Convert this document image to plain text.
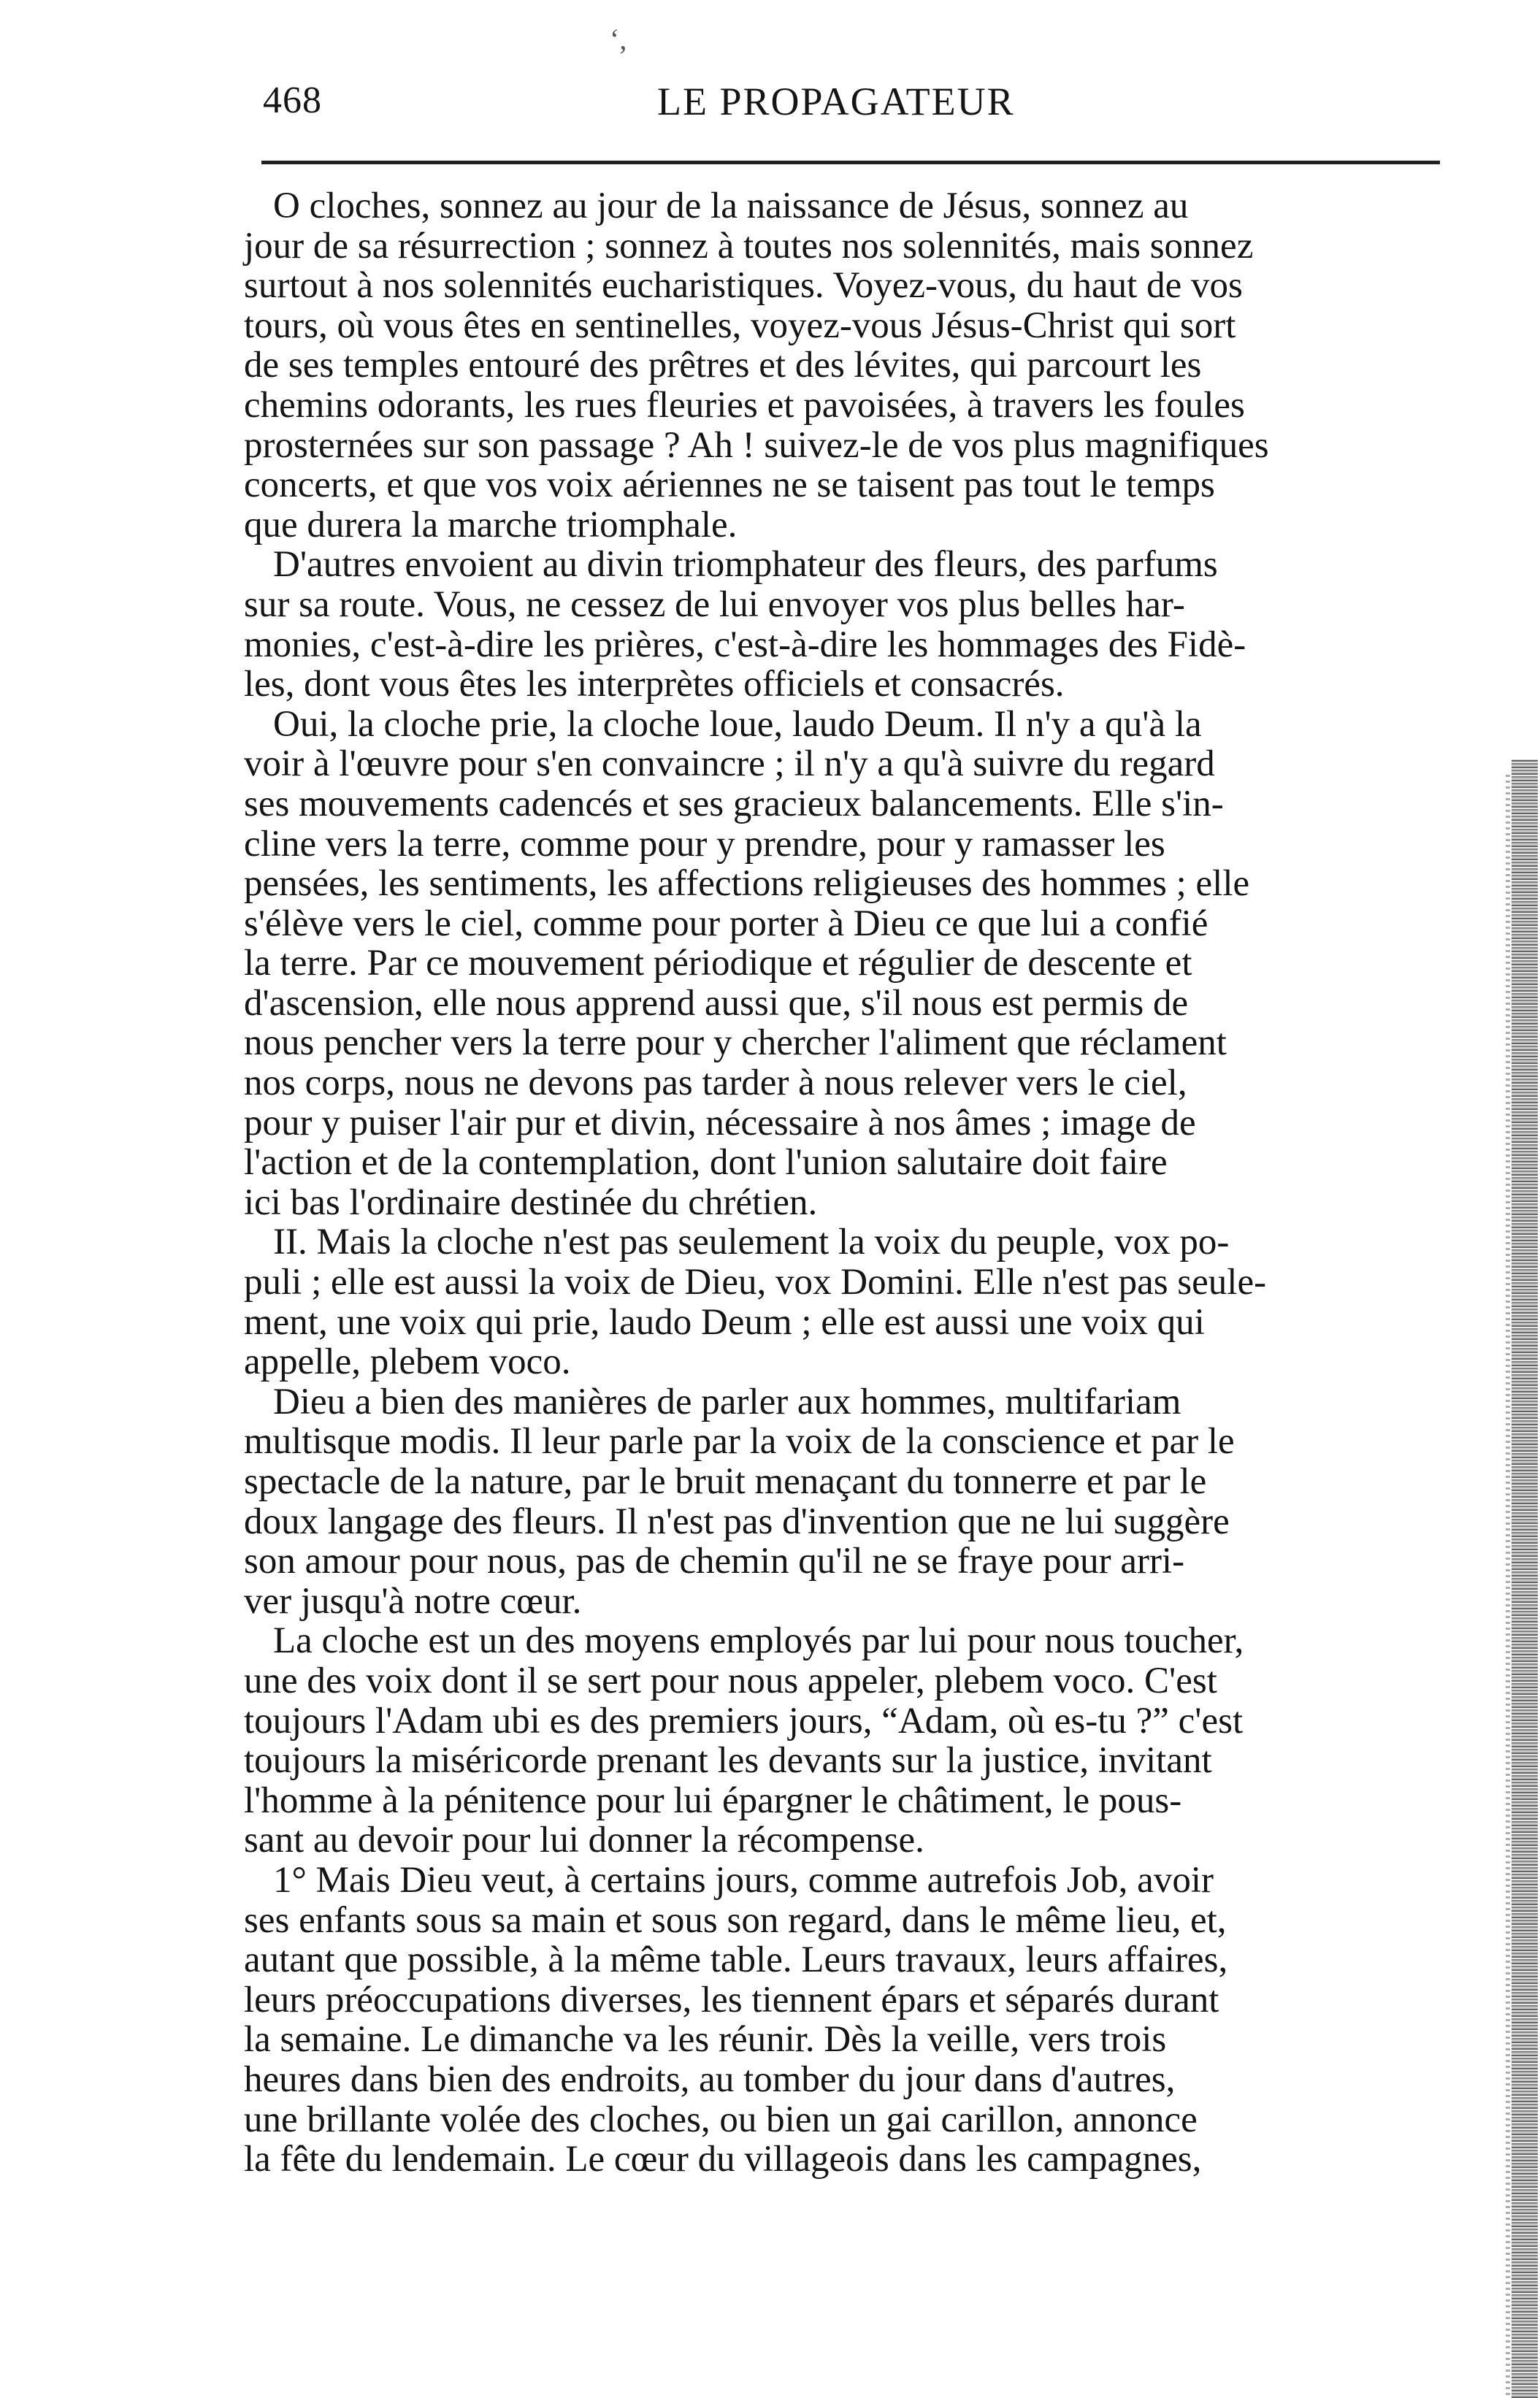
‘,
468	LE PROPAGATEUR
O cloches, sonnez au jour de la naissance de Jésus, sonnez au
jour de sa résurrection ; sonnez à toutes nos solennités, mais sonnez
surtout à nos solennités eucharistiques. Voyez-vous, du haut de vos
tours, où vous êtes en sentinelles, voyez-vous Jésus-Christ qui sort
de ses temples entouré des prêtres et des lévites, qui parcourt les
chemins odorants, les rues fleuries et pavoisées, à travers les foules
prosternées sur son passage ? Ah ! suivez-le de vos plus magnifiques
concerts, et que vos voix aériennes ne se taisent pas tout le temps
que durera la marche triomphale.
D'autres envoient au divin triomphateur des fleurs, des parfums
sur sa route. Vous, ne cessez de lui envoyer vos plus belles har-
monies, c'est-à-dire les prières, c'est-à-dire les hommages des Fidè-
les, dont vous êtes les interprètes officiels et consacrés.
Oui, la cloche prie, la cloche loue, laudo Deum. Il n'y a qu'à la
voir à l'œuvre pour s'en convaincre ; il n'y a qu'à suivre du regard
ses mouvements cadencés et ses gracieux balancements. Elle s'in-
cline vers la terre, comme pour y prendre, pour y ramasser les
pensées, les sentiments, les affections religieuses des hommes ; elle
s'élève vers le ciel, comme pour porter à Dieu ce que lui a confié
la terre. Par ce mouvement périodique et régulier de descente et
d'ascension, elle nous apprend aussi que, s'il nous est permis de
nous pencher vers la terre pour y chercher l'aliment que réclament
nos corps, nous ne devons pas tarder à nous relever vers le ciel,
pour y puiser l'air pur et divin, nécessaire à nos âmes ; image de
l'action et de la contemplation, dont l'union salutaire doit faire
ici bas l'ordinaire destinée du chrétien.
II. Mais la cloche n'est pas seulement la voix du peuple, vox po-
puli ; elle est aussi la voix de Dieu, vox Domini. Elle n'est pas seule-
ment, une voix qui prie, laudo Deum ; elle est aussi une voix qui
appelle, plebem voco.
Dieu a bien des manières de parler aux hommes, multifariam
multisque modis. Il leur parle par la voix de la conscience et par le
spectacle de la nature, par le bruit menaçant du tonnerre et par le
doux langage des fleurs. Il n'est pas d'invention que ne lui suggère
son amour pour nous, pas de chemin qu'il ne se fraye pour arri-
ver jusqu'à notre cœur.
La cloche est un des moyens employés par lui pour nous toucher,
une des voix dont il se sert pour nous appeler, plebem voco. C'est
toujours l'Adam ubi es des premiers jours, “Adam, où es-tu ?” c'est
toujours la miséricorde prenant les devants sur la justice, invitant
l'homme à la pénitence pour lui épargner le châtiment, le pous-
sant au devoir pour lui donner la récompense.
1° Mais Dieu veut, à certains jours, comme autrefois Job, avoir
ses enfants sous sa main et sous son regard, dans le même lieu, et,
autant que possible, à la même table. Leurs travaux, leurs affaires,
leurs préoccupations diverses, les tiennent épars et séparés durant
la semaine. Le dimanche va les réunir. Dès la veille, vers trois
heures dans bien des endroits, au tomber du jour dans d'autres,
une brillante volée des cloches, ou bien un gai carillon, annonce
la fête du lendemain. Le cœur du villageois dans les campagnes,
